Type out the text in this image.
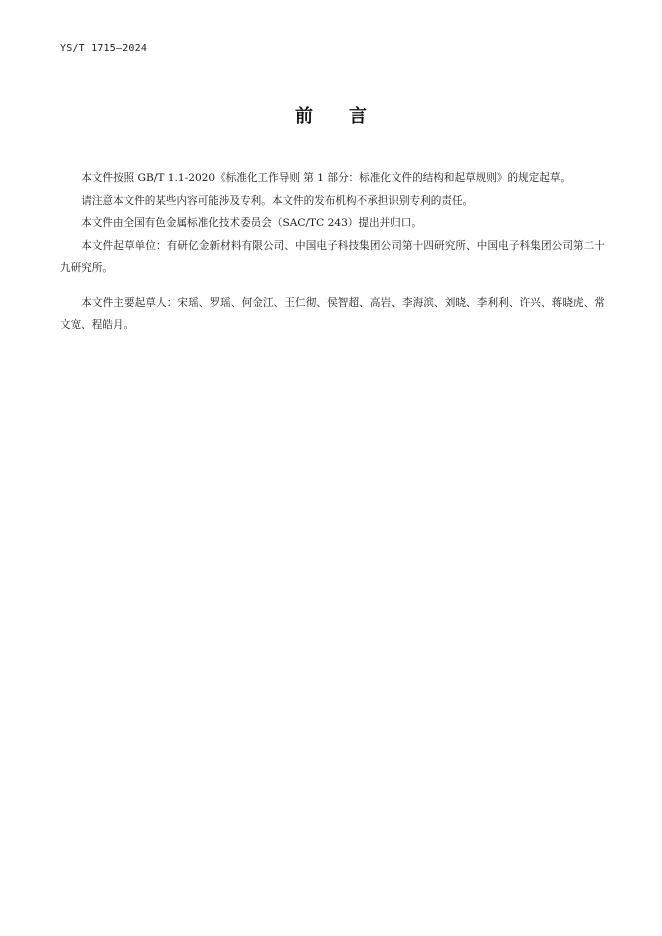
YS/T 1715—2024
前言

本文件按照 GB/T 1.1-2020《标准化工作导则 第 1 部分：标准化文件的结构和起草规则》的规定起草。

请注意本文件的某些内容可能涉及专利。本文件的发布机构不承担识别专利的责任。

本文件由全国有色金属标准化技术委员会（SAC/TC 243）提出并归口。

本文件起草单位：有研亿金新材料有限公司、中国电子科技集团公司第十四研究所、中国电子科集团公司第二十九研究所。

本文件主要起草人：宋瑶、罗瑶、何金江、王仁彻、侯智超、高岩、李海滨、刘晓、李利利、许兴、蒋晓虎、常文宽、程皓月。
